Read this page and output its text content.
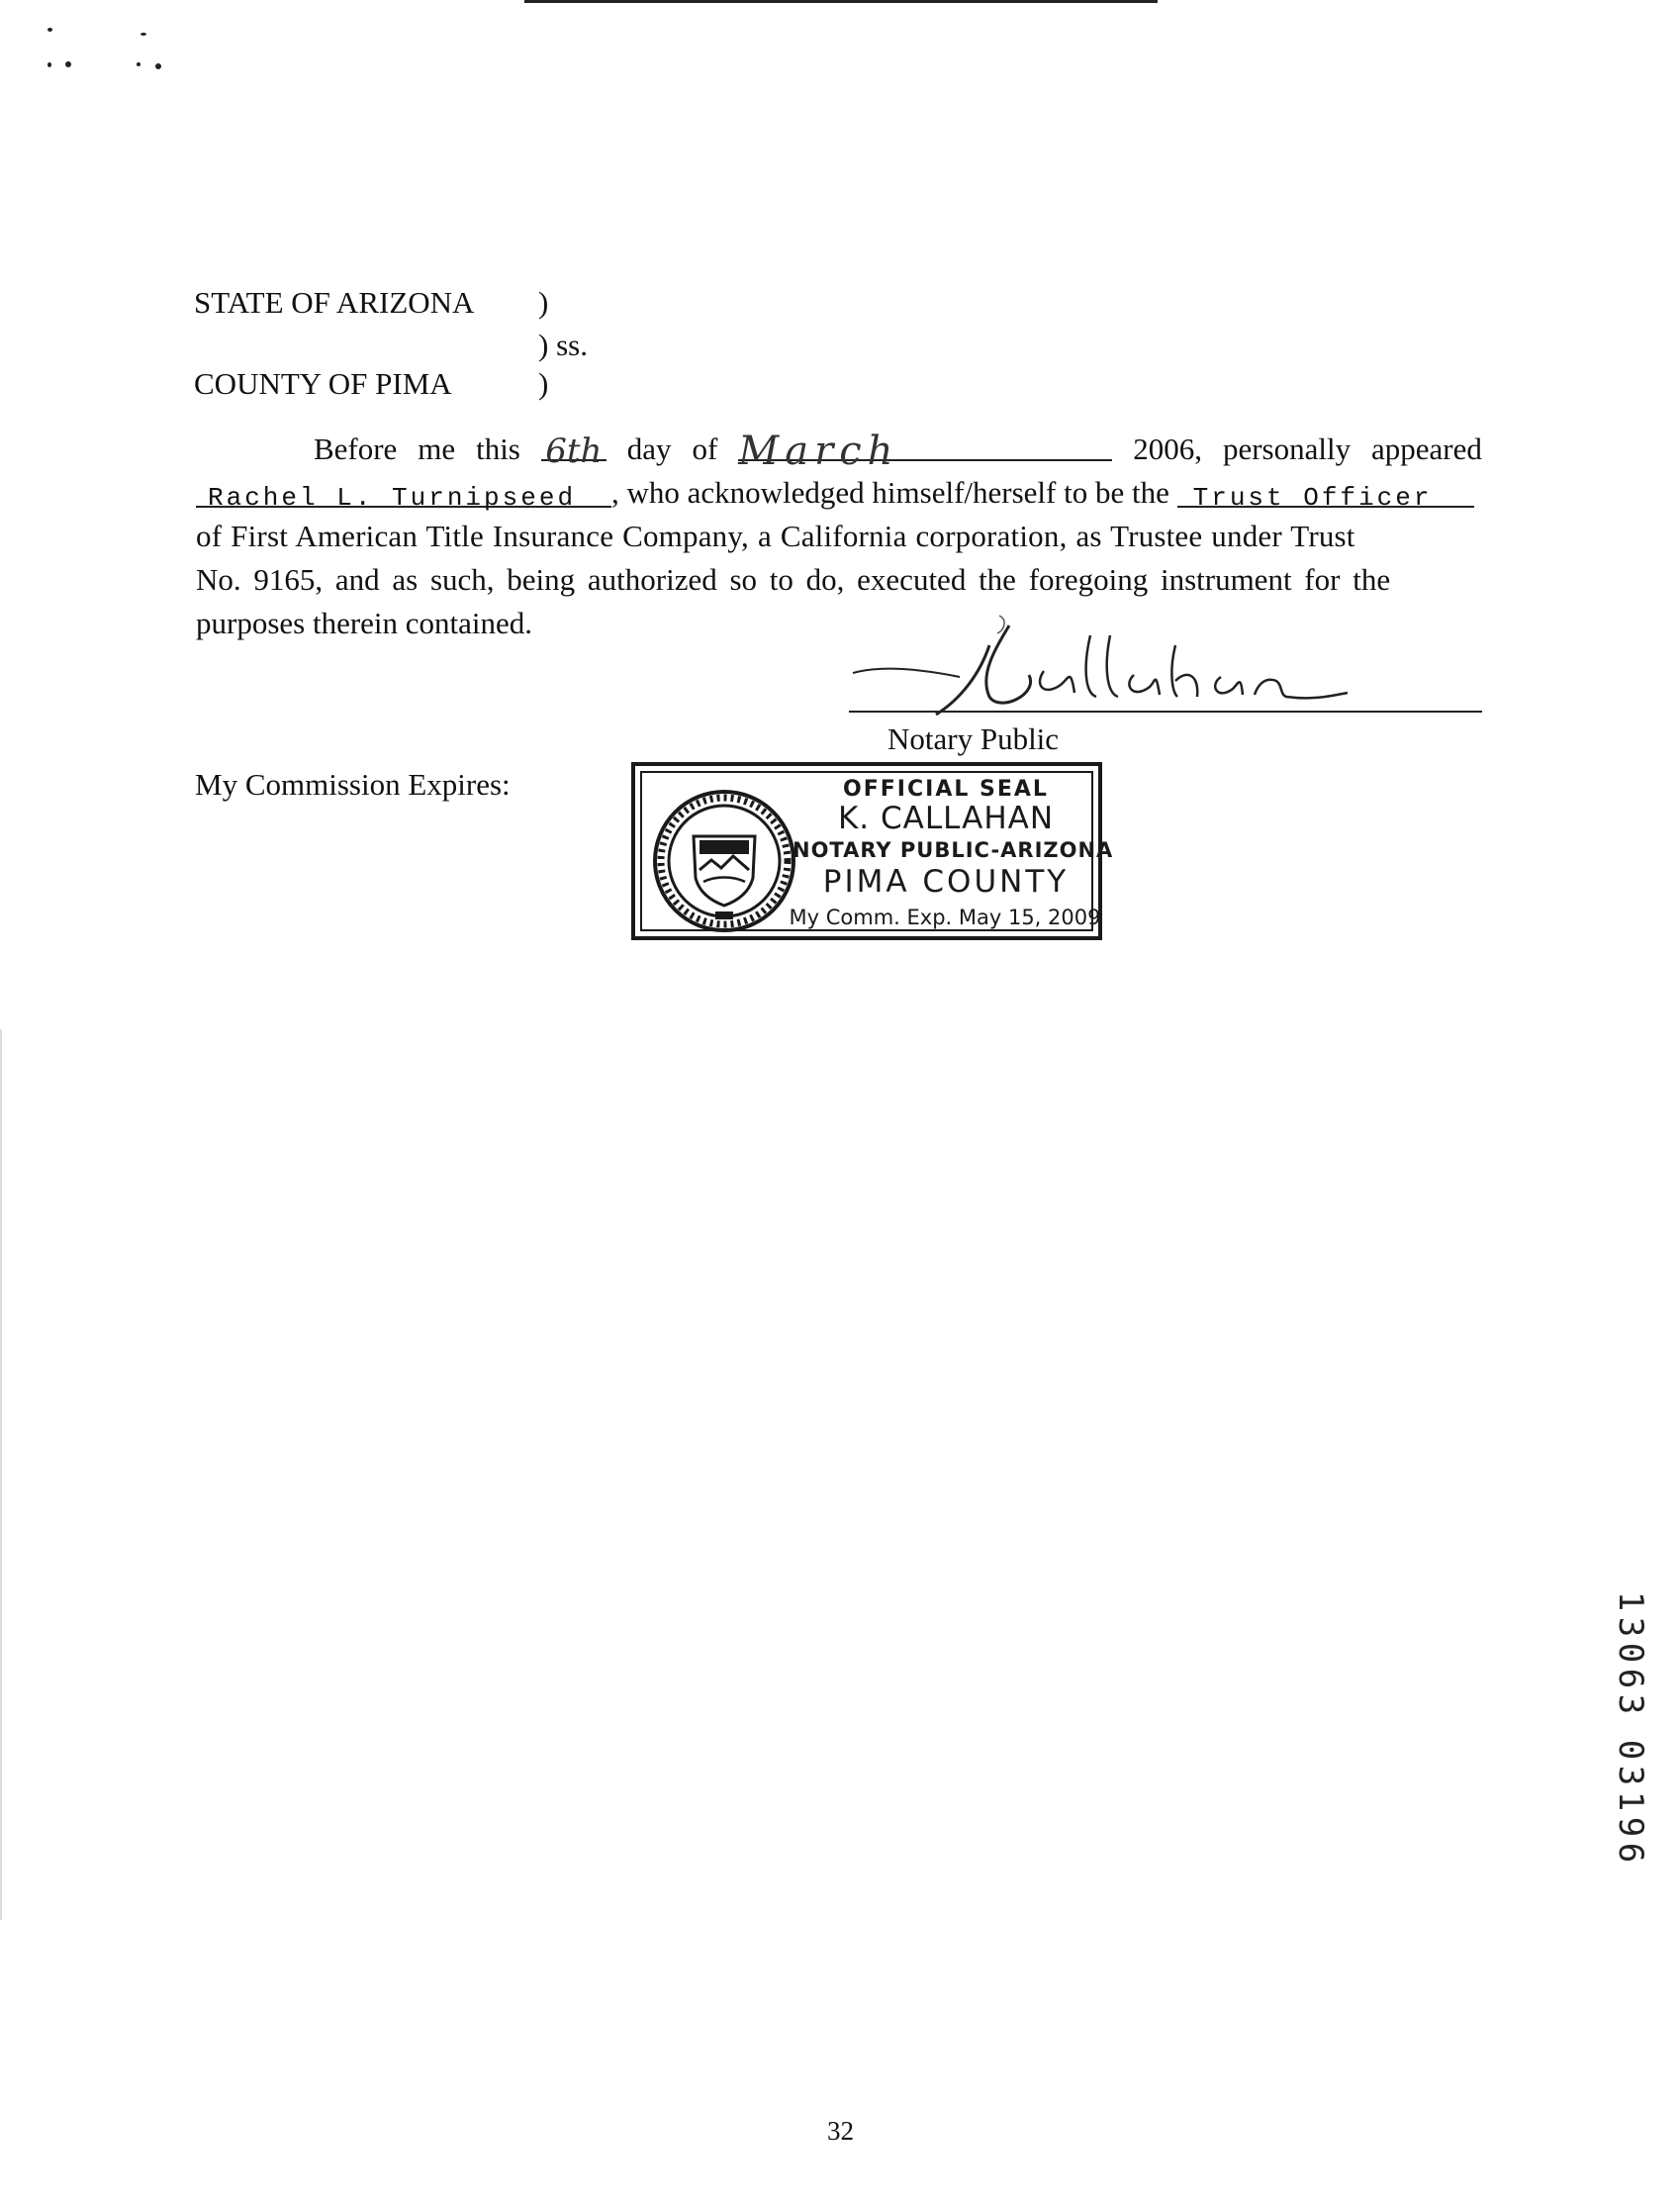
STATE OF ARIZONA )
) ss.
COUNTY OF PIMA	)
Before me this 6th day of March	2006, personally appeared
Rachel L. Turnipseed , who acknowledged himself/herself to be the Trust Officer
of First American Title Insurance Company, a California corporation, as Trustee under Trust
No. 9165, and as such, being authorized so to do, executed the foregoing instrument for the
purposes therein contained.	KCallahan
Notary Public
My Commission Expires:	OFFICIAL SEAL
K. CALLAHAN
NOTARY PUBLIC-ARIZONA
PIMA COUNTY
My Comm. Exp. May 15, 2009
1
3
0
6
3
0
3
1
9
6
32
